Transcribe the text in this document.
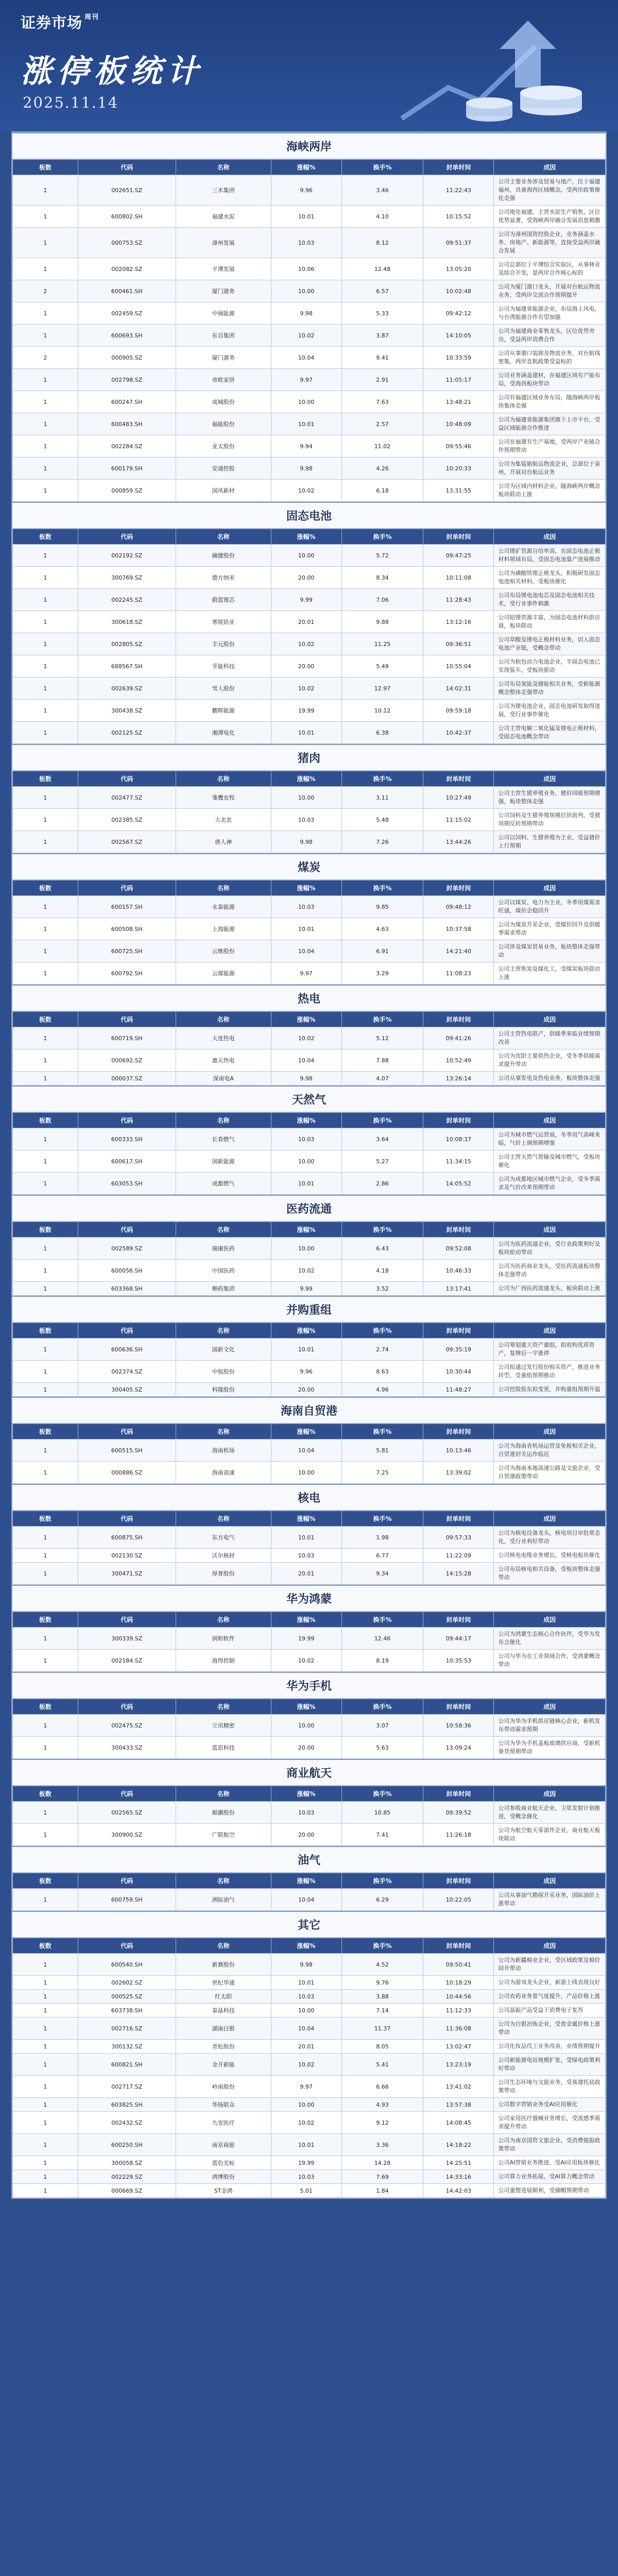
证券市场 $^{周刊}$
涨停板统计
2025.11.14
海峡两岸
板数	代码	名称	涨幅%	换手%	封单时间	成因
1	002651.SZ	三木集团	9.96	3.46	11:22:43	公司主要业务涉及贸易与地产，位于福建福州，具备海西区域概念，受两岸政策催化走强
1	600802.SH	福建水泥	10.01	4.10	10:15:52	公司地处福建，主营水泥生产销售，区位优势显著，受海峡两岸融合发展消息刺激
1	000753.SZ	漳州发展	10.03	8.12	09:51:37	公司为漳州国资控股企业，业务涵盖水务、房地产、新能源等，直接受益两岸融合发展
1	002082.SZ	平潭发展	10.06	12.48	13:05:20	公司总部位于平潭综合实验区，从事林业及综合开发，是两岸合作核心标的
2	600461.SH	厦门港务	10.00	6.57	10:02:48	公司为厦门港口龙头，开展对台航运物流业务，受两岸交流合作预期提升
1	002459.SZ	中闽能源	9.98	5.33	09:42:12	公司为福建省能源企业，布局海上风电，与台湾能源合作有望加强
1	600693.SH	东百集团	10.02	3.87	14:10:05	公司为福建商业零售龙头，区位优势突出，受益两岸消费合作
2	000905.SZ	厦门港务	10.04	9.41	10:33:59	公司从事港口装卸及物流业务，对台航线密集，两岸直航政策受益标的
1	002798.SZ	帝欧家居	9.97	2.91	11:05:17	公司业务涵盖建材，在福建区域有产能布局，受海西板块带动
1	600247.SH	成城股份	10.00	7.63	13:48:21	公司有福建区域业务布局，随海峡两岸板块集体走强
1	600483.SH	福能股份	10.01	2.57	10:48:09	公司为福建省能源集团旗下上市平台，受益区域能源合作推进
1	002284.SZ	亚太股份	9.94	11.02	09:55:46	公司在福建有生产基地，受两岸产业链合作预期带动
1	600179.SH	安通控股	9.98	4.26	10:20:33	公司为集装箱航运物流企业，总部位于泉州，开展对台航运业务
1	000859.SZ	国风新材	10.02	6.18	13:31:55	公司为区域内材料企业，随海峡两岸概念板块联动上涨
固态电池
板数	代码	名称	涨幅%	换手%	封单时间	成因
1	002192.SZ	融捷股份	10.00	5.72	09:47:25	公司锂矿资源自给率高，在固态电池正极材料领域布局，受固态电池量产进展推动
1	300769.SZ	德方纳米	20.00	8.34	10:11:08	公司为磷酸铁锂正极龙头，积极研发固态电池相关材料，受板块催化
1	002245.SZ	蔚蓝锂芯	9.99	7.06	11:28:43	公司布局锂电池电芯及固态电池相关技术，受行业事件刺激
1	300618.SZ	寒锐钴业	20.01	9.88	13:12:16	公司钴锂资源丰富，为固态电池材料供应商，板块联动
1	002805.SZ	丰元股份	10.02	11.25	09:36:51	公司草酸及锂电正极材料业务，切入固态电池产业链，受概念带动
1	688567.SH	孚能科技	20.00	5.49	10:55:04	公司为软包动力电池企业，半固态电池已实现装车，受板块驱动
1	002639.SZ	雪人股份	10.02	12.97	14:02:31	公司布局氢能及储能相关业务，受新能源概念整体走强带动
1	300438.SZ	鹏辉能源	19.99	10.12	09:59:18	公司为锂电池企业，固态电池研发取得进展，受行业事件催化
1	002125.SZ	湘潭电化	10.01	6.38	10:42:37	公司主营电解二氧化锰及锂电正极材料，受固态电池概念带动
猪肉
板数	代码	名称	涨幅%	换手%	封单时间	成因
1	002477.SZ	雏鹰农牧	10.00	3.11	10:27:49	公司主营生猪养殖业务，猪价回暖预期增强，板块整体走强
1	002385.SZ	大北农	10.03	5.48	11:15:02	公司饲料及生猪养殖规模位居前列，受猪周期反转预期带动
1	002567.SZ	唐人神	9.98	7.26	13:44:26	公司以饲料、生猪养殖为主业，受益猪价上行预期
煤炭
板数	代码	名称	涨幅%	换手%	封单时间	成因
1	600157.SH	永泰能源	10.03	9.85	09:48:12	公司以煤炭、电力为主业，冬季用煤需求旺盛，煤价企稳回升
1	600508.SH	上海能源	10.01	4.63	10:37:58	公司为煤炭开采企业，受煤价回升及供暖季需求带动
1	600725.SH	云维股份	10.04	6.91	14:21:40	公司涉及煤炭贸易业务，板块整体走强带动
1	600792.SH	云煤能源	9.97	3.29	11:08:23	公司主营焦炭及煤化工，受煤炭板块联动上涨
热电
板数	代码	名称	涨幅%	换手%	封单时间	成因
1	600719.SH	大连热电	10.02	5.12	09:41:26	公司主营热电联产，供暖季来临业绩预期改善
1	000692.SZ	惠天热电	10.04	7.88	10:52:49	公司为沈阳主要供热企业，受冬季供暖需求提升带动
1	000037.SZ	深南电A	9.98	4.07	13:26:14	公司从事发电及热电业务，板块整体走强
天然气
板数	代码	名称	涨幅%	换手%	封单时间	成因
1	600333.SH	长春燃气	10.03	3.64	10:08:37	公司为城市燃气运营商，冬季用气高峰来临，气价上调预期增强
1	600617.SH	国新能源	10.00	5.27	11:34:15	公司主营天然气管输及城市燃气，受板块催化
1	603053.SH	成都燃气	10.01	2.86	14:05:52	公司为成都地区城市燃气企业，受冬季需求及气价改革预期带动
医药流通
板数	代码	名称	涨幅%	换手%	封单时间	成因
1	002589.SZ	瑞康医药	10.00	6.43	09:52:08	公司为医药流通企业，受行业政策利好及板块轮动带动
1	600056.SH	中国医药	10.02	4.18	10:46:33	公司为医药商业龙头，受医药流通板块整体走强带动
1	603368.SH	柳药集团	9.99	3.52	13:17:41	公司为广西医药流通龙头，板块联动上涨
并购重组
板数	代码	名称	涨幅%	换手%	封单时间	成因
1	600636.SH	国新文化	10.01	2.74	09:35:19	公司筹划重大资产重组，拟收购优质资产，复牌后一字涨停
1	002374.SZ	中锐股份	9.96	8.63	10:30:44	公司拟通过发行股份购买资产，推进业务转型，受重组预期推动
1	300405.SZ	科隆股份	20.00	4.96	11:48:27	公司控股股东拟变更，并购重组预期升温
海南自贸港
板数	代码	名称	涨幅%	换手%	封单时间	成因
1	600515.SH	海南机场	10.04	5.81	10:13:46	公司为海南省机场运营及免税相关企业，自贸港封关运作临近
1	000886.SZ	海南高速	10.00	7.25	13:39:02	公司为海南本地高速公路及文旅企业，受自贸港政策带动
核电
板数	代码	名称	涨幅%	换手%	封单时间	成因
1	600875.SH	东方电气	10.01	1.98	09:57:33	公司为核电设备龙头，核电项目审批常态化，受行业利好带动
1	002130.SZ	沃尔核材	10.03	6.77	11:22:09	公司核电电缆业务增长，受核电板块催化
1	300471.SZ	厚普股份	20.01	9.34	14:15:28	公司布局核电相关设备，受板块整体走强带动
华为鸿蒙
板数	代码	名称	涨幅%	换手%	封单时间	成因
1	300339.SZ	润和软件	19.99	12.46	09:44:17	公司为鸿蒙生态核心合作伙伴，受华为发布会催化
1	002184.SZ	海得控制	10.02	8.19	10:35:53	公司与华为在工业领域合作，受鸿蒙概念带动
华为手机
板数	代码	名称	涨幅%	换手%	封单时间	成因
1	002475.SZ	立讯精密	10.00	3.07	10:58:36	公司为华为手机供应链核心企业，新机发布带动需求预期
1	300433.SZ	蓝思科技	20.00	5.63	13:09:24	公司为华为手机盖板玻璃供应商，受新机备货预期带动
商业航天
板数	代码	名称	涨幅%	换手%	封单时间	成因
1	002565.SZ	顺灏股份	10.03	10.85	09:39:52	公司参股商业航天企业，卫星发射计划推进，受概念催化
1	300900.SZ	广联航空	20.00	7.41	11:26:18	公司为航空航天零部件企业，商业航天板块联动
油气
板数	代码	名称	涨幅%	换手%	封单时间	成因
1	600759.SH	洲际油气	10.04	6.29	10:22:05	公司从事油气勘探开采业务，国际油价上涨带动
其它
板数	代码	名称	涨幅%	换手%	封单时间	成因
1	600540.SH	新赛股份	9.98	4.52	09:50:41	公司为新疆棉业企业，受区域政策及棉价回升带动
1	002602.SZ	世纪华通	10.01	9.76	10:18:29	公司为游戏龙头企业，新游上线表现良好
1	000525.SZ	红太阳	10.03	3.88	10:44:56	公司农药业务景气度提升，产品价格上涨
1	603738.SH	泰晶科技	10.00	7.14	11:12:33	公司晶振产品受益于消费电子复苏
1	002716.SZ	湖南白银	10.04	11.37	11:36:08	公司为白银冶炼企业，受贵金属价格上涨带动
1	300132.SZ	青松股份	20.01	8.05	13:02:47	公司化妆品代工业务改善，业绩预期提升
1	600821.SH	金开新能	10.02	5.41	13:23:19	公司新能源电站规模扩张，受绿电政策利好带动
1	002717.SZ	岭南股份	9.97	6.66	13:41:02	公司生态环境与文旅业务，受基建托底政策带动
1	603825.SH	华扬联众	10.00	4.93	13:57:38	公司数字营销业务受AI应用催化
1	002432.SZ	九安医疗	10.02	9.12	14:08:45	公司家用医疗器械业务增长，受流感季需求提升带动
1	600250.SH	南京商旅	10.01	3.36	14:18:22	公司为南京国资文旅企业，受消费提振政策带动
1	300058.SZ	蓝色光标	19.99	14.28	14:25:51	公司AI营销业务推进，受AI应用板块催化
1	002229.SZ	鸿博股份	10.03	7.69	14:33:16	公司算力业务拓展，受AI算力概念带动
1	000669.SZ	ST金鸿	5.01	1.84	14:42:03	公司重整进展顺利，受摘帽预期带动
